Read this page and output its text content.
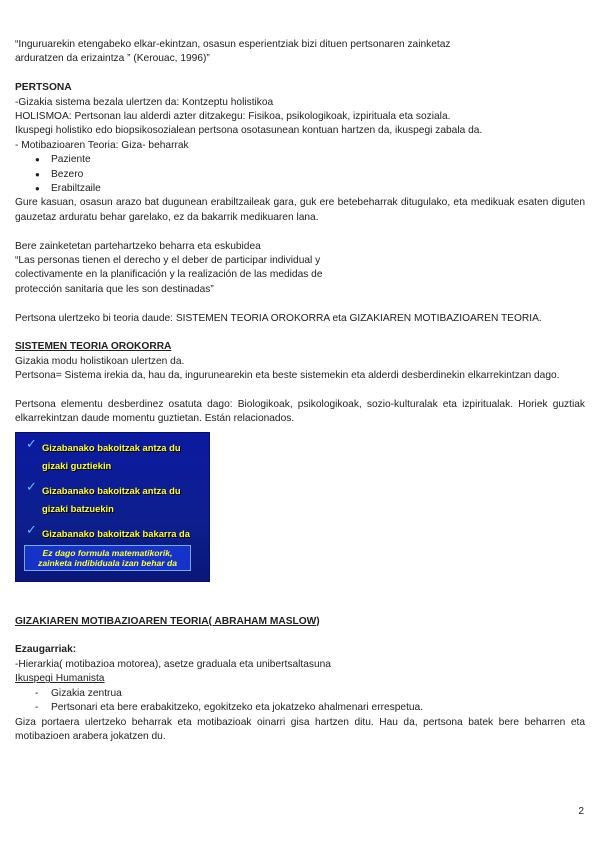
“Inguruarekin etengabeko elkar-ekintzan, osasun esperientziak bizi dituen pertsonaren zainketaz arduratzen da erizaintza ” (Kerouac, 1996)”

PERTSONA

-Gizakia sistema bezala ulertzen da: Kontzeptu holistikoa

HOLISMOA: Pertsonan lau alderdi azter ditzakegu: Fisikoa, psikologikoak, izpirituala eta soziala.

Ikuspegi holistiko edo biopsikosozialean pertsona osotasunean kontuan hartzen da, ikuspegi zabala da.

- Motibazioaren Teoria: Giza- beharrak

● Paziente
● Bezero
● Erabiltzaile

Gure kasuan, osasun arazo bat dugunean erabiltzaileak gara, guk ere betebeharrak ditugulako, eta medikuak esaten diguten gauzetaz arduratu behar garelako, ez da bakarrik medikuaren lana.

Bere zainketetan partehartzeko beharra eta eskubidea

“Las personas tienen el derecho y el deber de participar individual y

colectivamente en la planificación y la realización de las medidas de

protección sanitaria que les son destinadas”

Pertsona ulertzeko bi teoria daude: SISTEMEN TEORIA OROKORRA eta GIZAKIAREN MOTIBAZIOAREN TEORIA.

SISTEMEN TEORIA OROKORRA

Gizakia modu holistikoan ulertzen da.

Pertsona= Sistema irekia da, hau da, ingurunearekin eta beste sistemekin eta alderdi desberdinekin elkarrekintzan dago.

Pertsona elementu desberdinez osatuta dago: Biologikoak, psikologikoak, sozio-kulturalak eta izpiritualak. Horiek guztiak elkarrekintzan daude momentu guztietan. Están relacionados.

✓ Gizabanako bakoitzak antza du
gizaki guztiekin
✓ Gizabanako bakoitzak antza du
gizaki batzuekin
✓ Gizabanako bakoitzak bakarra da
Ez dago formula matematikorik,
zainketa indibiduala izan behar da

GIZAKIAREN MOTIBAZIOAREN TEORIA( ABRAHAM MASLOW)

Ezaugarriak:

-Hierarkia( motibazioa motorea), asetze graduala eta unibertsaltasuna

Ikuspegi Humanista

- Gizakia zentrua
- Pertsonari eta bere erabakitzeko, egokitzeko eta jokatzeko ahalmenari errespetua.

Giza portaera ulertzeko beharrak eta motibazioak oinarri gisa hartzen ditu. Hau da, pertsona batek bere beharren eta motibazioen arabera jokatzen du.

2
